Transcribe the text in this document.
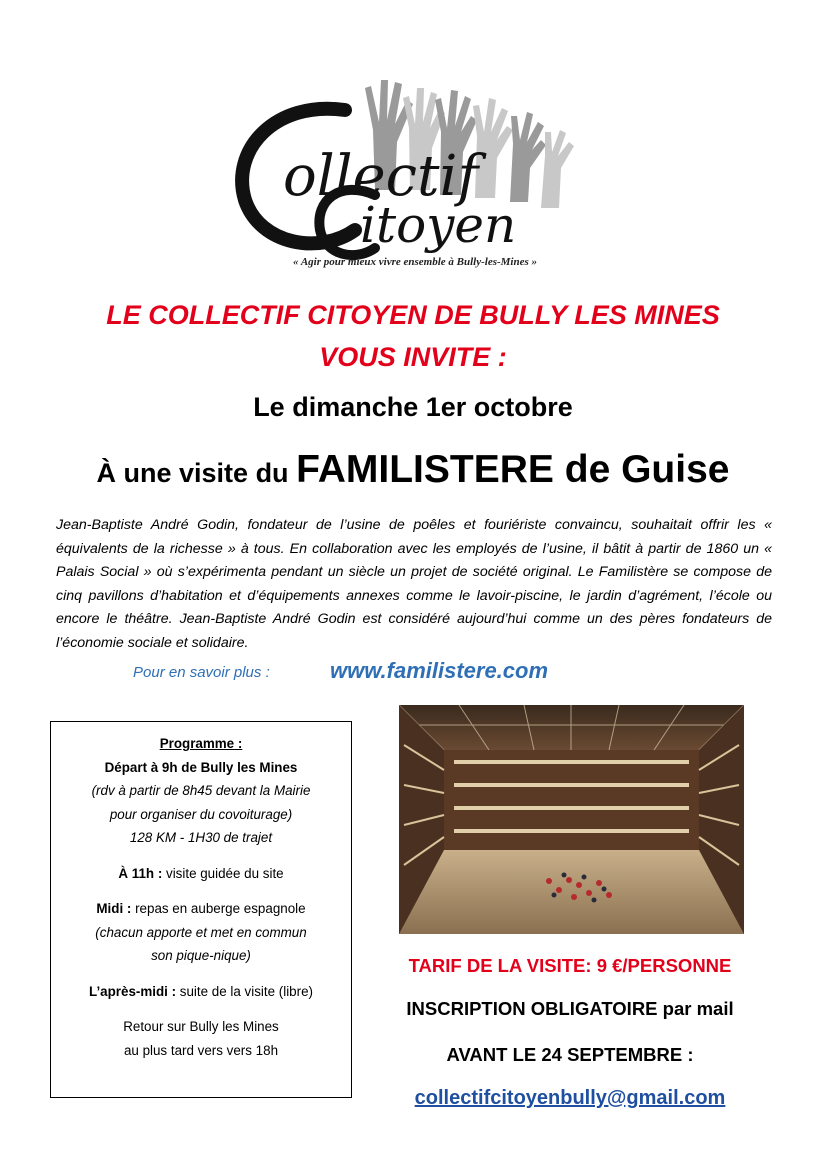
ollectif
itoyen
« Agir pour mieux vivre ensemble à Bully-les-Mines »
LE COLLECTIF CITOYEN DE BULLY LES MINES
VOUS INVITE :
Le dimanche 1er octobre
À une visite du FAMILISTERE de Guise
Jean-Baptiste André Godin, fondateur de l’usine de poêles et fouriériste convaincu, souhaitait offrir les « équivalents de la richesse » à tous. En collaboration avec les employés de l’usine, il bâtit à partir de 1860 un « Palais Social » où s’expérimenta pendant un siècle un projet de société original. Le Familistère se compose de cinq pavillons d’habitation et d’équipements annexes comme le lavoir-piscine, le jardin d’agrément, l’école ou encore le théâtre. Jean-Baptiste André Godin est considéré aujourd’hui comme un des pères fondateurs de l’économie sociale et solidaire.
Pour en savoir plus :	www.familistere.com
Programme :
Départ à 9h de Bully les Mines
(rdv à partir de 8h45 devant la Mairie
pour organiser du covoiturage)
128 KM - 1H30 de trajet
À 11h : visite guidée du site
Midi : repas en auberge espagnole
(chacun apporte et met en commun
son pique-nique)
L’après-midi : suite de la visite (libre)
Retour sur Bully les Mines
au plus tard vers vers 18h
TARIF DE LA VISITE: 9 €/PERSONNE
INSCRIPTION OBLIGATOIRE par mail
AVANT LE 24 SEPTEMBRE :
collectifcitoyenbully@gmail.com
